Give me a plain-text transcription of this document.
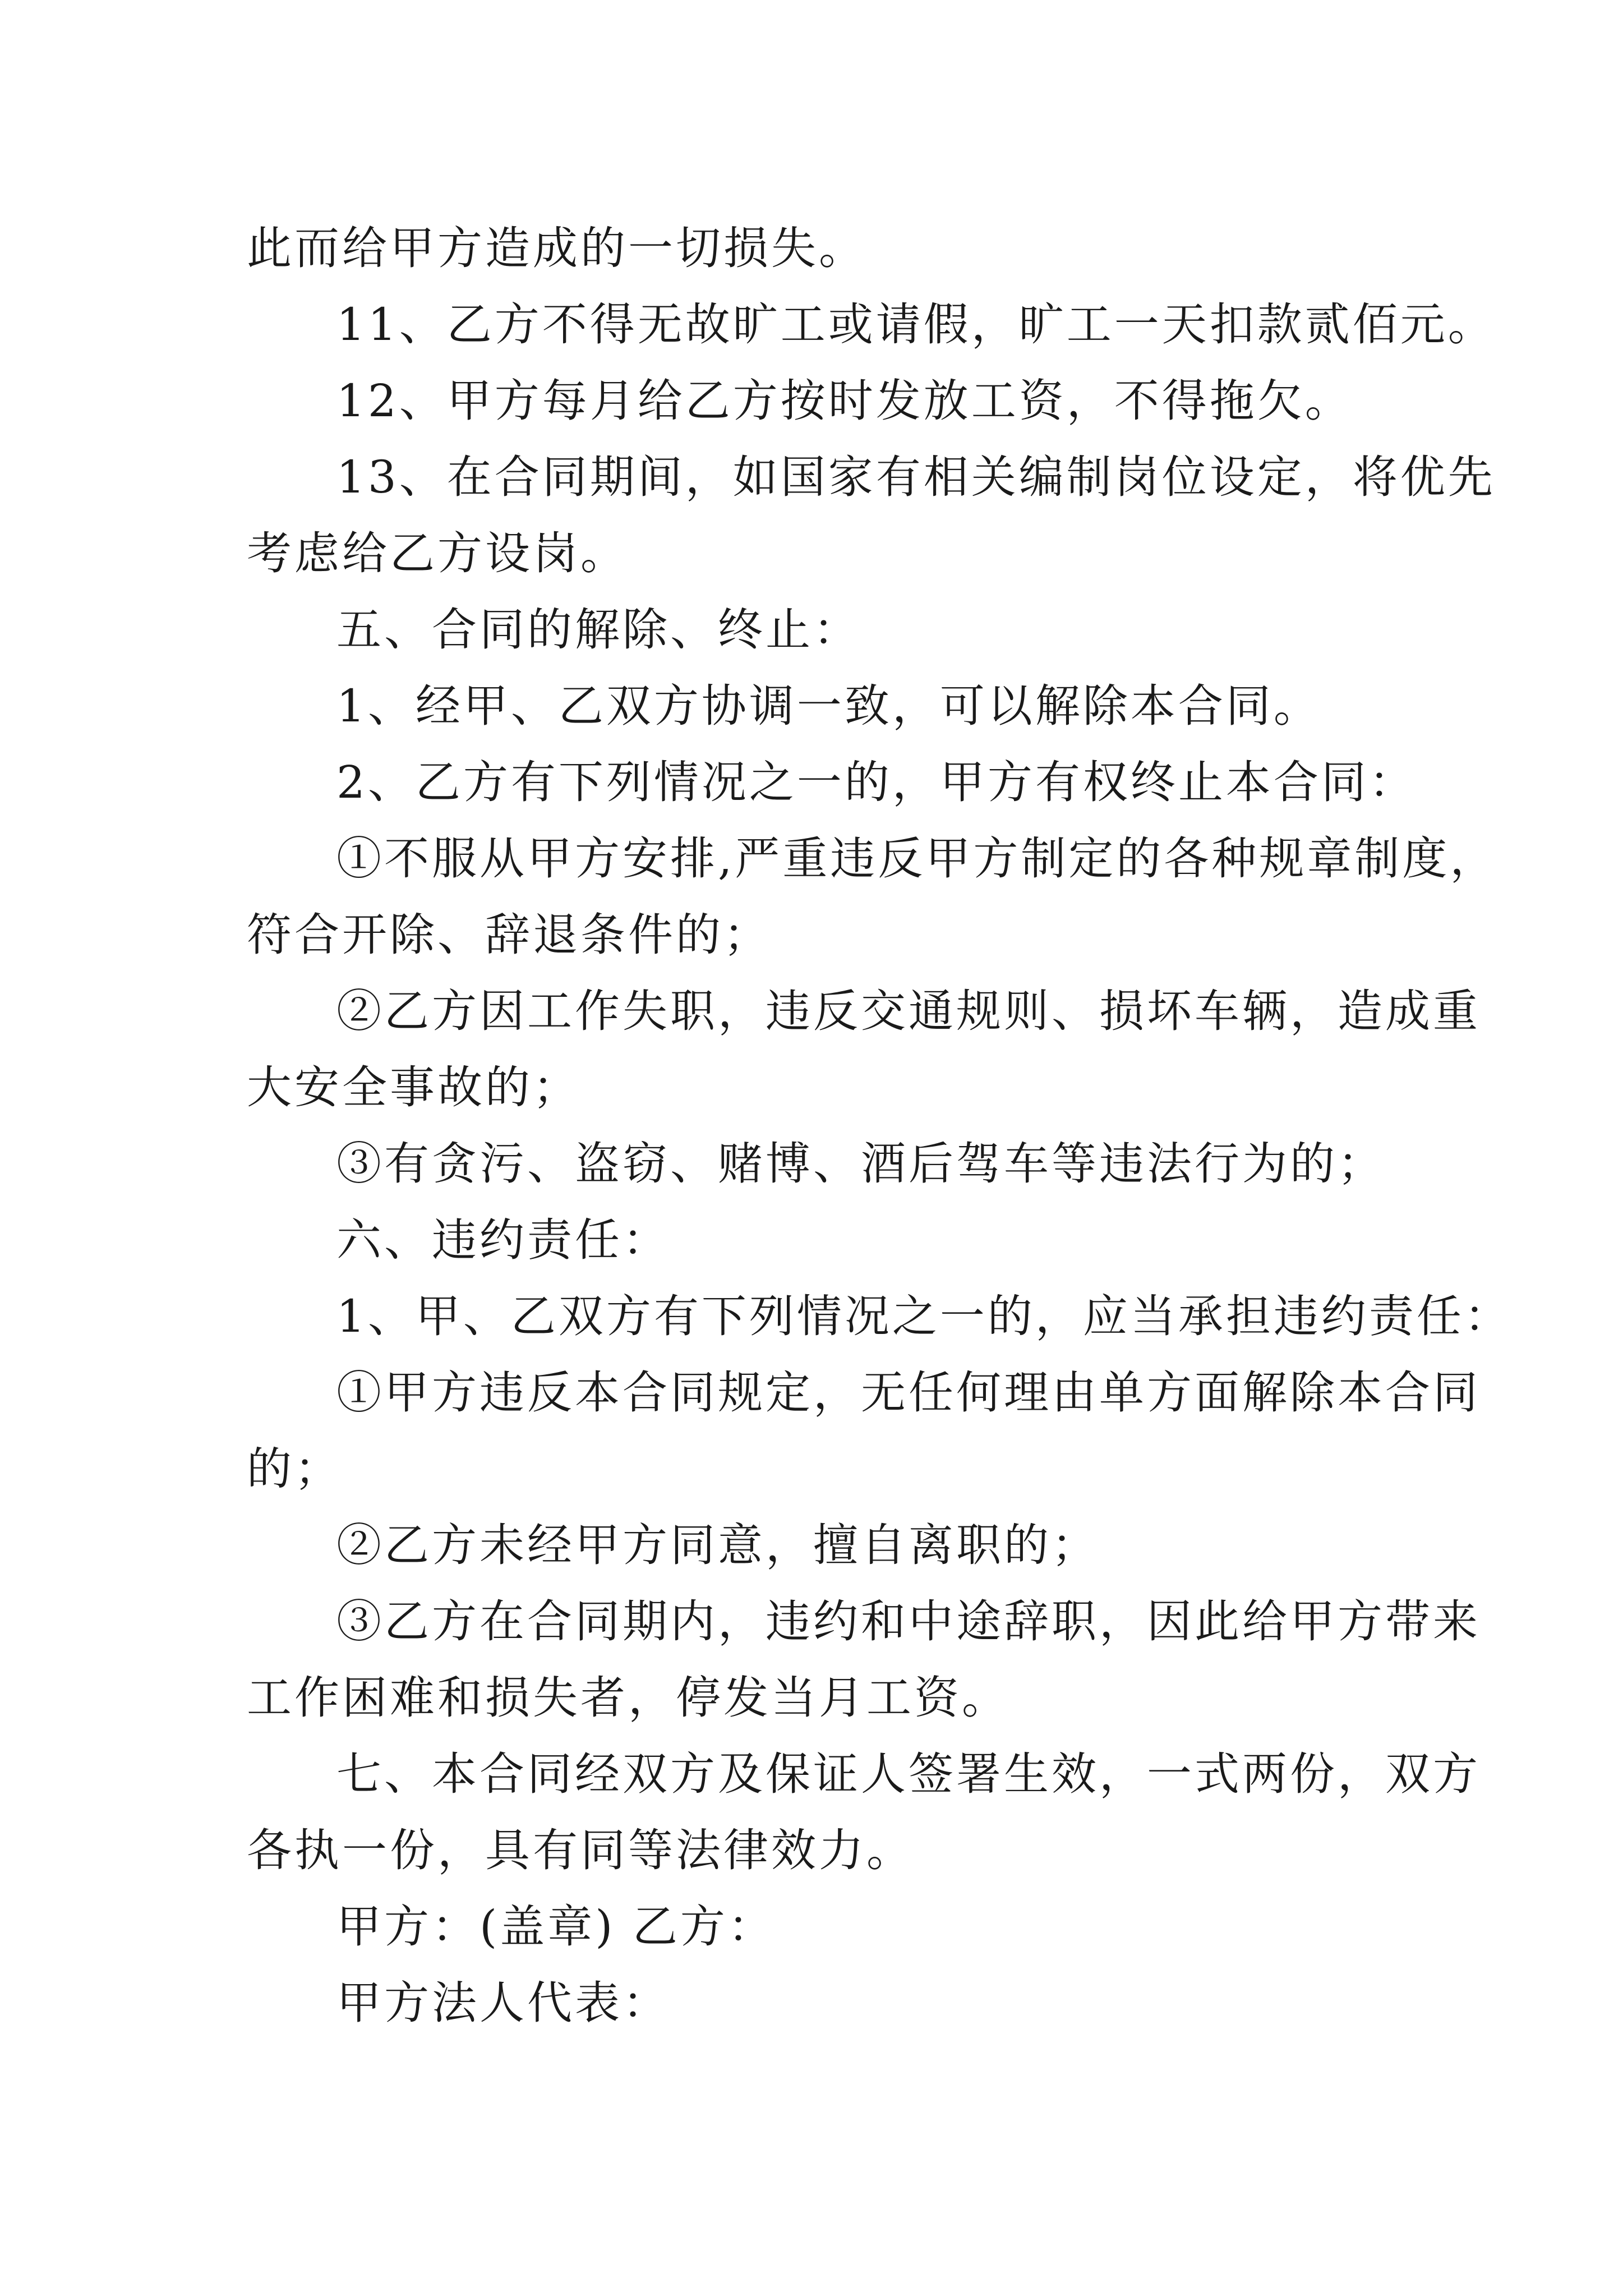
此而给甲方造成的一切损失。

11、乙方不得无故旷工或请假，旷工一天扣款贰佰元。

12、甲方每月给乙方按时发放工资，不得拖欠。

13、在合同期间，如国家有相关编制岗位设定，将优先

考虑给乙方设岗。

五、合同的解除、终止：

1、经甲、乙双方协调一致，可以解除本合同。

2、乙方有下列情况之一的，甲方有权终止本合同：

①不服从甲方安排,严重违反甲方制定的各种规章制度，

符合开除、辞退条件的；

②乙方因工作失职，违反交通规则、损坏车辆，造成重

大安全事故的；

③有贪污、盗窃、赌博、酒后驾车等违法行为的；

六、违约责任：

1、甲、乙双方有下列情况之一的，应当承担违约责任：

①甲方违反本合同规定，无任何理由单方面解除本合同

的；

②乙方未经甲方同意，擅自离职的；

③乙方在合同期内，违约和中途辞职，因此给甲方带来

工作困难和损失者，停发当月工资。

七、本合同经双方及保证人签署生效，一式两份，双方

各执一份，具有同等法律效力。

甲方：(盖章) 乙方：

甲方法人代表：
